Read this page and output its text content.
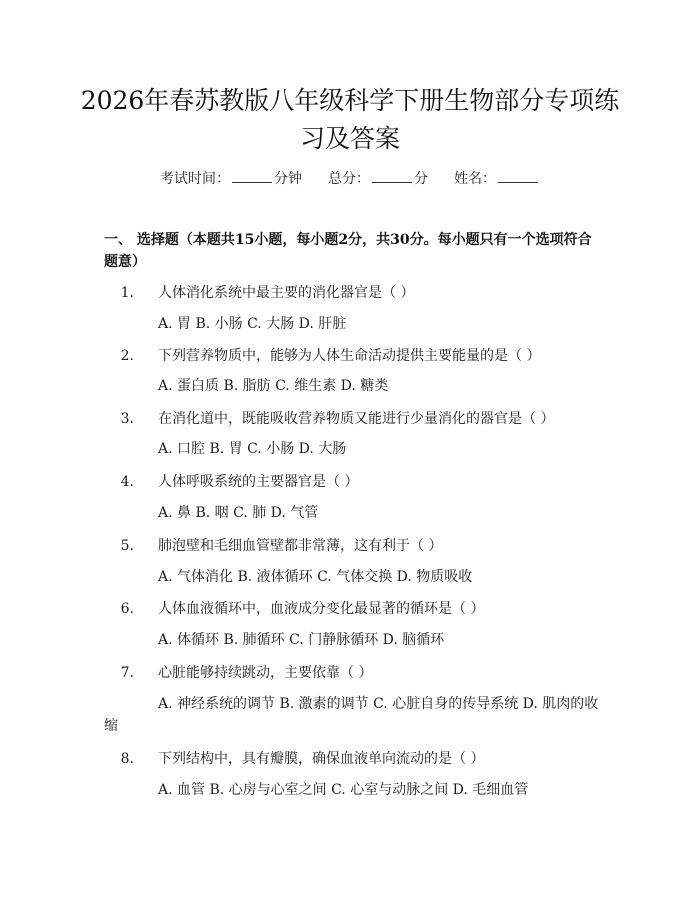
2026年春苏教版八年级科学下册生物部分专项练习及答案
考试时间：	分钟 总分：	分 姓名：
一、 选择题（本题共15小题，每小题2分，共30分。每小题只有一个选项符合题意）
1. 人体消化系统中最主要的消化器官是（ ）
A. 胃 B. 小肠 C. 大肠 D. 肝脏
2. 下列营养物质中，能够为人体生命活动提供主要能量的是（ ）
A. 蛋白质 B. 脂肪 C. 维生素 D. 糖类
3. 在消化道中，既能吸收营养物质又能进行少量消化的器官是（ ）
A. 口腔 B. 胃 C. 小肠 D. 大肠
4. 人体呼吸系统的主要器官是（ ）
A. 鼻 B. 咽 C. 肺 D. 气管
5. 肺泡壁和毛细血管壁都非常薄，这有利于（ ）
A. 气体消化 B. 液体循环 C. 气体交换 D. 物质吸收
6. 人体血液循环中，血液成分变化最显著的循环是（ ）
A. 体循环 B. 肺循环 C. 门静脉循环 D. 脑循环
7. 心脏能够持续跳动，主要依靠（ ）
A. 神经系统的调节 B. 激素的调节 C. 心脏自身的传导系统 D. 肌肉的收缩
8. 下列结构中，具有瓣膜，确保血液单向流动的是（ ）
A. 血管 B. 心房与心室之间 C. 心室与动脉之间 D. 毛细血管
